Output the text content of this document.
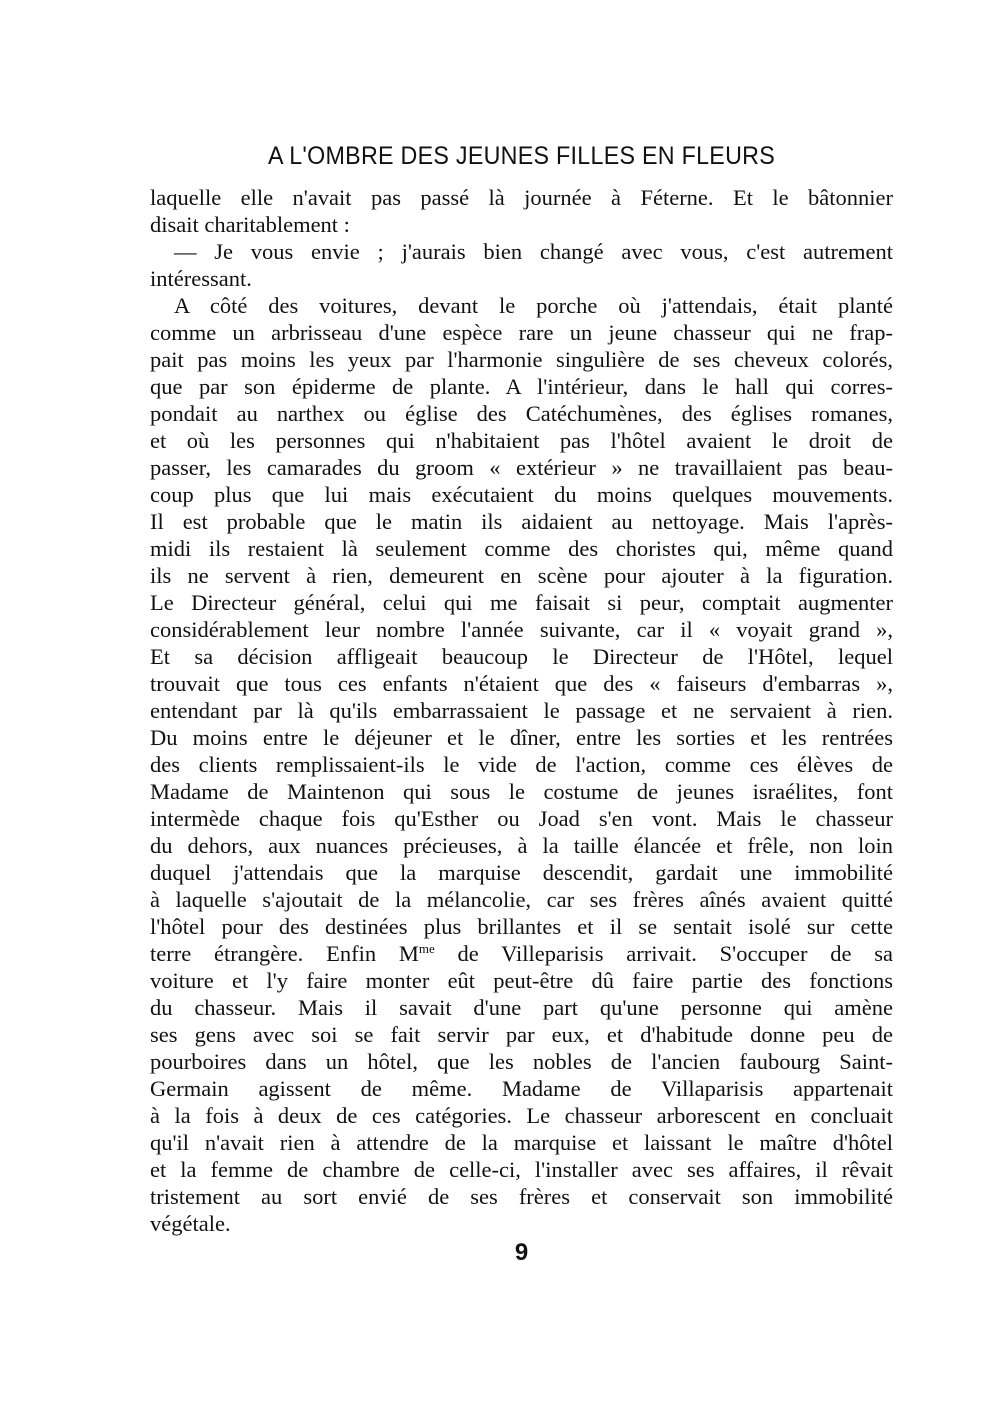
A L'OMBRE DES JEUNES FILLES EN FLEURS
laquelle elle n'avait pas passé là journée à Féterne. Et le bâtonnier
disait charitablement :
— Je vous envie ; j'aurais bien changé avec vous, c'est autrement
intéressant.
A côté des voitures, devant le porche où j'attendais, était planté
comme un arbrisseau d'une espèce rare un jeune chasseur qui ne frap-
pait pas moins les yeux par l'harmonie singulière de ses cheveux colorés,
que par son épiderme de plante. A l'intérieur, dans le hall qui corres-
pondait au narthex ou église des Catéchumènes, des églises romanes,
et où les personnes qui n'habitaient pas l'hôtel avaient le droit de
passer, les camarades du groom « extérieur » ne travaillaient pas beau-
coup plus que lui mais exécutaient du moins quelques mouvements.
Il est probable que le matin ils aidaient au nettoyage. Mais l'après-
midi ils restaient là seulement comme des choristes qui, même quand
ils ne servent à rien, demeurent en scène pour ajouter à la figuration.
Le Directeur général, celui qui me faisait si peur, comptait augmenter
considérablement leur nombre l'année suivante, car il « voyait grand »,
Et sa décision affligeait beaucoup le Directeur de l'Hôtel, lequel
trouvait que tous ces enfants n'étaient que des « faiseurs d'embarras »,
entendant par là qu'ils embarrassaient le passage et ne servaient à rien.
Du moins entre le déjeuner et le dîner, entre les sorties et les rentrées
des clients remplissaient-ils le vide de l'action, comme ces élèves de
Madame de Maintenon qui sous le costume de jeunes israélites, font
intermède chaque fois qu'Esther ou Joad s'en vont. Mais le chasseur
du dehors, aux nuances précieuses, à la taille élancée et frêle, non loin
duquel j'attendais que la marquise descendit, gardait une immobilité
à laquelle s'ajoutait de la mélancolie, car ses frères aînés avaient quitté
l'hôtel pour des destinées plus brillantes et il se sentait isolé sur cette
terre étrangère. Enfin $M^{me}$ de Villeparisis arrivait. S'occuper de sa
voiture et l'y faire monter eût peut-être dû faire partie des fonctions
du chasseur. Mais il savait d'une part qu'une personne qui amène
ses gens avec soi se fait servir par eux, et d'habitude donne peu de
pourboires dans un hôtel, que les nobles de l'ancien faubourg Saint-
Germain agissent de même. Madame de Villaparisis appartenait
à la fois à deux de ces catégories. Le chasseur arborescent en concluait
qu'il n'avait rien à attendre de la marquise et laissant le maître d'hôtel
et la femme de chambre de celle-ci, l'installer avec ses affaires, il rêvait
tristement au sort envié de ses frères et conservait son immobilité
végétale.
9
